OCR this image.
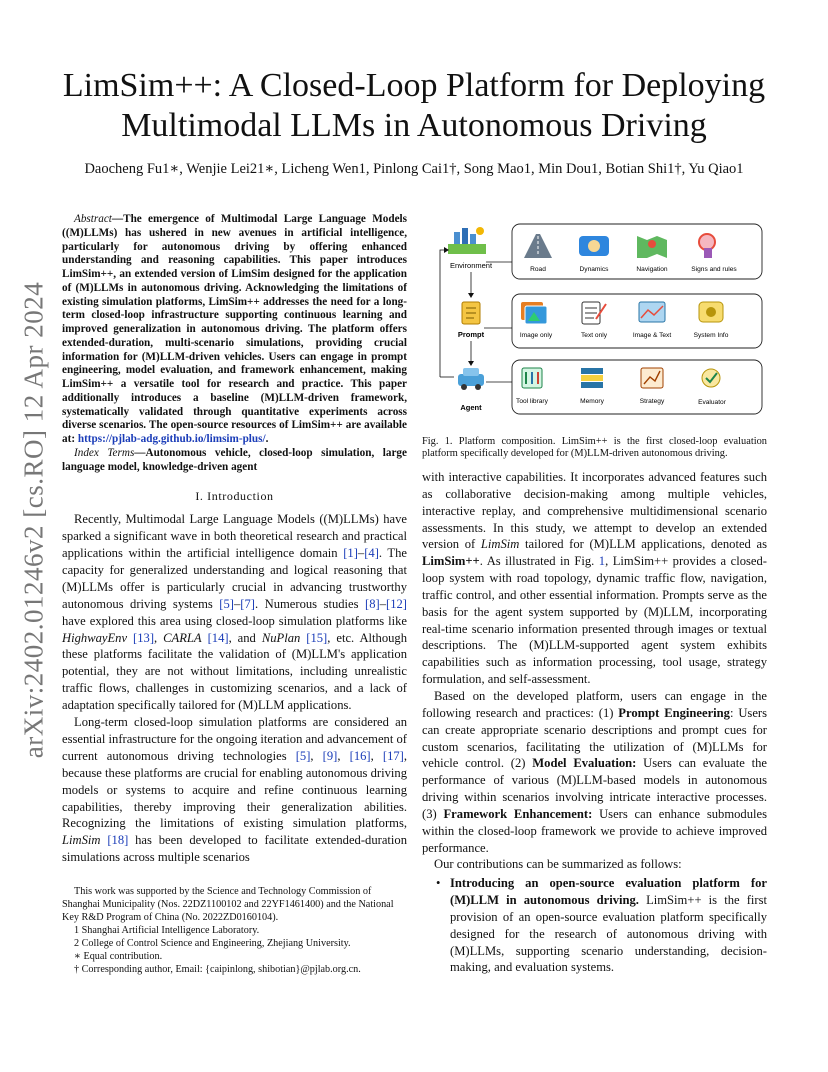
arXiv:2402.01246v2 [cs.RO] 12 Apr 2024
LimSim++: A Closed-Loop Platform for Deploying
Multimodal LLMs in Autonomous Driving
Daocheng Fu1∗, Wenjie Lei21∗, Licheng Wen1, Pinlong Cai1†, Song Mao1, Min Dou1, Botian Shi1†, Yu Qiao1

Abstract—The emergence of Multimodal Large Language Models ((M)LLMs) has ushered in new avenues in artificial intelligence, particularly for autonomous driving by offering enhanced understanding and reasoning capabilities. This paper introduces LimSim++, an extended version of LimSim designed for the application of (M)LLMs in autonomous driving. Acknowledging the limitations of existing simulation platforms, LimSim++ addresses the need for a long-term closed-loop infrastructure supporting continuous learning and improved generalization in autonomous driving. The platform offers extended-duration, multi-scenario simulations, providing crucial information for (M)LLM-driven vehicles. Users can engage in prompt engineering, model evaluation, and framework enhancement, making LimSim++ a versatile tool for research and practice. This paper additionally introduces a baseline (M)LLM-driven framework, systematically validated through quantitative experiments across diverse scenarios. The open-source resources of LimSim++ are available at: https://pjlab-adg.github.io/limsim-plus/.

Index Terms—Autonomous vehicle, closed-loop simulation, large language model, knowledge-driven agent

I. Introduction

Recently, Multimodal Large Language Models ((M)LLMs) have sparked a significant wave in both theoretical research and practical applications within the artificial intelligence domain [1]–[4]. The capacity for generalized understanding and logical reasoning that (M)LLMs offer is particularly crucial in advancing trustworthy autonomous driving systems [5]–[7]. Numerous studies [8]–[12] have explored this area using closed-loop simulation platforms like HighwayEnv [13], CARLA [14], and NuPlan [15], etc. Although these platforms facilitate the validation of (M)LLM's application potential, they are not without limitations, including unrealistic traffic flows, challenges in customizing scenarios, and a lack of adaptation specifically tailored for (M)LLM applications.

Long-term closed-loop simulation platforms are considered an essential infrastructure for the ongoing iteration and advancement of current autonomous driving technologies [5], [9], [16], [17], because these platforms are crucial for enabling autonomous driving models or systems to acquire and refine continuous learning capabilities, thereby improving their generalization abilities. Recognizing the limitations of existing simulation platforms, LimSim [18] has been developed to facilitate extended-duration simulations across multiple scenarios

This work was supported by the Science and Technology Commission of Shanghai Municipality (Nos. 22DZ1100102 and 22YF1461400) and the National Key R&D Program of China (No. 2022ZD0160104).

1 Shanghai Artificial Intelligence Laboratory.

2 College of Control Science and Engineering, Zhejiang University.

∗ Equal contribution.

† Corresponding author, Email: {caipinlong, shibotian}@pjlab.org.cn.

Environment
Prompt
Agent
Road	Dynamics	Navigation	Signs and rules
Image only	Text only	Image & Text	System Info
Tool library	Memory	Strategy	Evaluator
Fig. 1. Platform composition. LimSim++ is the first closed-loop evaluation platform specifically developed for (M)LLM-driven autonomous driving.

with interactive capabilities. It incorporates advanced features such as collaborative decision-making among multiple vehicles, interactive replay, and comprehensive multidimensional scenario assessments. In this study, we attempt to develop an extended version of LimSim tailored for (M)LLM applications, denoted as LimSim++. As illustrated in Fig. 1, LimSim++ provides a closed-loop system with road topology, dynamic traffic flow, navigation, traffic control, and other essential information. Prompts serve as the basis for the agent system supported by (M)LLM, incorporating real-time scenario information presented through images or textual descriptions. The (M)LLM-supported agent system exhibits capabilities such as information processing, tool usage, strategy formulation, and self-assessment.

Based on the developed platform, users can engage in the following research and practices: (1) Prompt Engineering: Users can create appropriate scenario descriptions and prompt cues for custom scenarios, facilitating the utilization of (M)LLMs for vehicle control. (2) Model Evaluation: Users can evaluate the performance of various (M)LLM-based models in autonomous driving within scenarios involving intricate interactive processes. (3) Framework Enhancement: Users can enhance submodules within the closed-loop framework we provide to achieve improved performance.

Our contributions can be summarized as follows:

• Introducing an open-source evaluation platform for (M)LLM in autonomous driving. LimSim++ is the first provision of an open-source evaluation platform specifically designed for the research of autonomous driving with (M)LLMs, supporting scenario understanding, decision-making, and evaluation systems.
